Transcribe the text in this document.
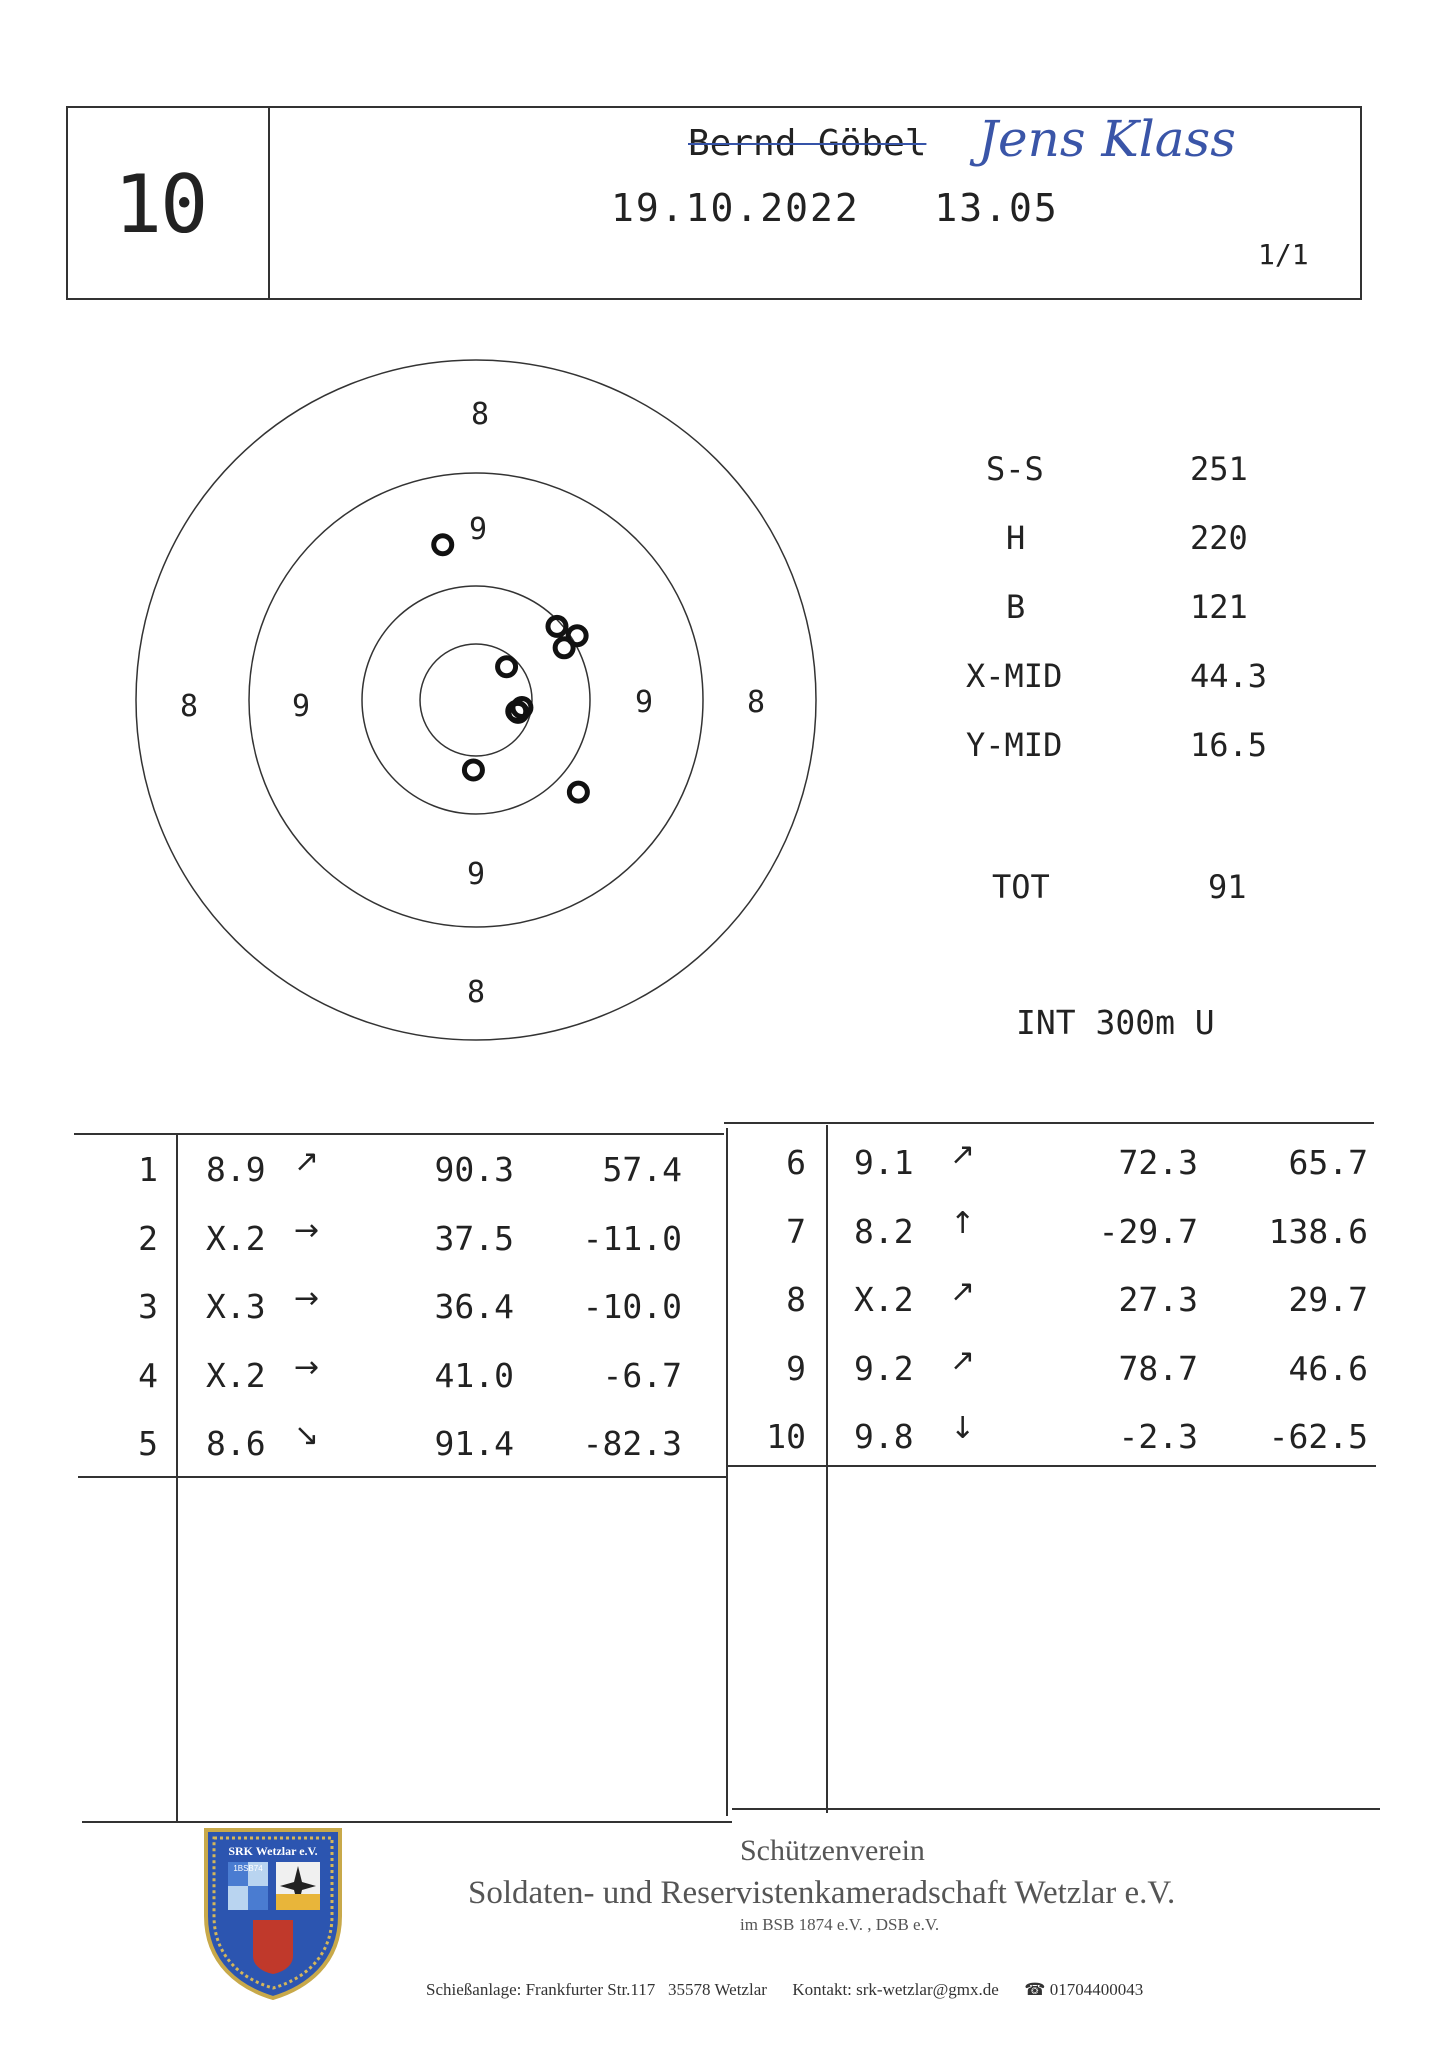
10
Bernd Göbel Jens Klass
19.10.2022   13.05
1/1
8
9
8	9	9	8
9
8
S-S	251
H	220
B	121
X-MID	44.3
Y-MID	16.5
TOT	91
INT 300m U
1 8.9 ↗	90.3	57.4
2 X.2 →	37.5	-11.0
3 X.3 →	36.4	-10.0
4 X.2 →	41.0	-6.7
5 8.6 ↘	91.4	-82.3
6 9.1 ↗	72.3	65.7
7 8.2 ↑	-29.7	138.6
8 X.2 ↗	27.3	29.7
9 9.2 ↗	78.7	46.6
10 9.8 ↓	-2.3	-62.5
SRK Wetzlar e.V.
1BSB74
Schützenverein
Soldaten- und Reservistenkameradschaft Wetzlar e.V.
im BSB 1874 e.V. , DSB e.V.
Schießanlage: Frankfurter Str.117   35578 Wetzlar      Kontakt: srk-wetzlar@gmx.de      ☎ 01704400043
